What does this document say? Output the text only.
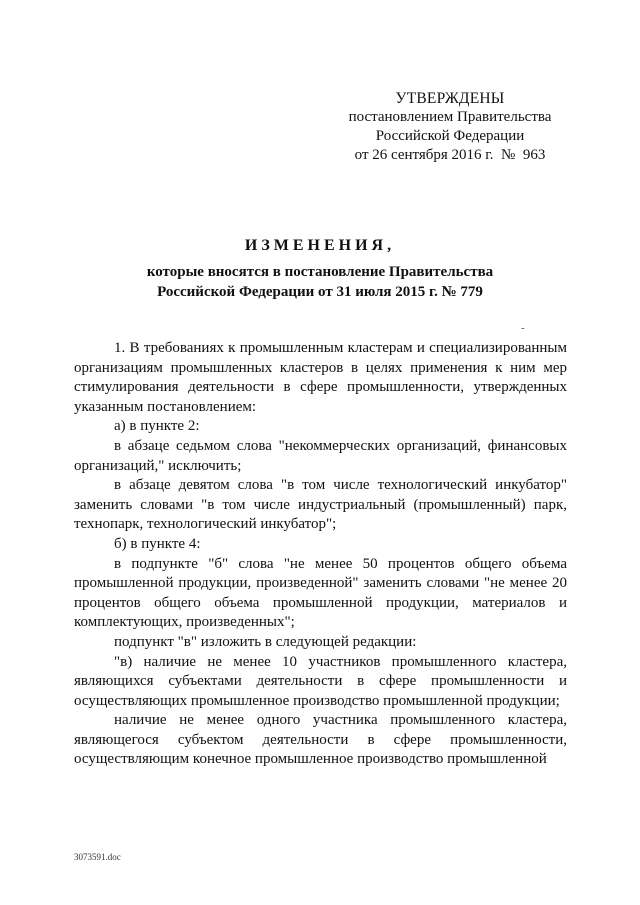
УТВЕРЖДЕНЫ
постановлением Правительства
Российской Федерации
от 26 сентября 2016 г.  №  963
ИЗМЕНЕНИЯ,
которые вносятся в постановление Правительства
Российской Федерации от 31 июля 2015 г. № 779
-

1. В требованиях к промышленным кластерам и специализированным организациям промышленных кластеров в целях применения к ним мер стимулирования деятельности в сфере промышленности, утвержденных указанным постановлением:

а) в пункте 2:

в абзаце седьмом слова "некоммерческих организаций, финансовых организаций," исключить;

в абзаце девятом слова "в том числе технологический инкубатор" заменить словами "в том числе индустриальный (промышленный) парк, технопарк, технологический инкубатор";

б) в пункте 4:

в подпункте "б" слова "не менее 50 процентов общего объема промышленной продукции, произведенной" заменить словами "не менее 20 процентов общего объема промышленной продукции, материалов и комплектующих, произведенных";

подпункт "в" изложить в следующей редакции:

"в) наличие не менее 10 участников промышленного кластера, являющихся субъектами деятельности в сфере промышленности и осуществляющих промышленное производство промышленной продукции;

наличие не менее одного участника промышленного кластера, являющегося субъектом деятельности в сфере промышленности, осуществляющим конечное промышленное производство промышленной

3073591.doc
